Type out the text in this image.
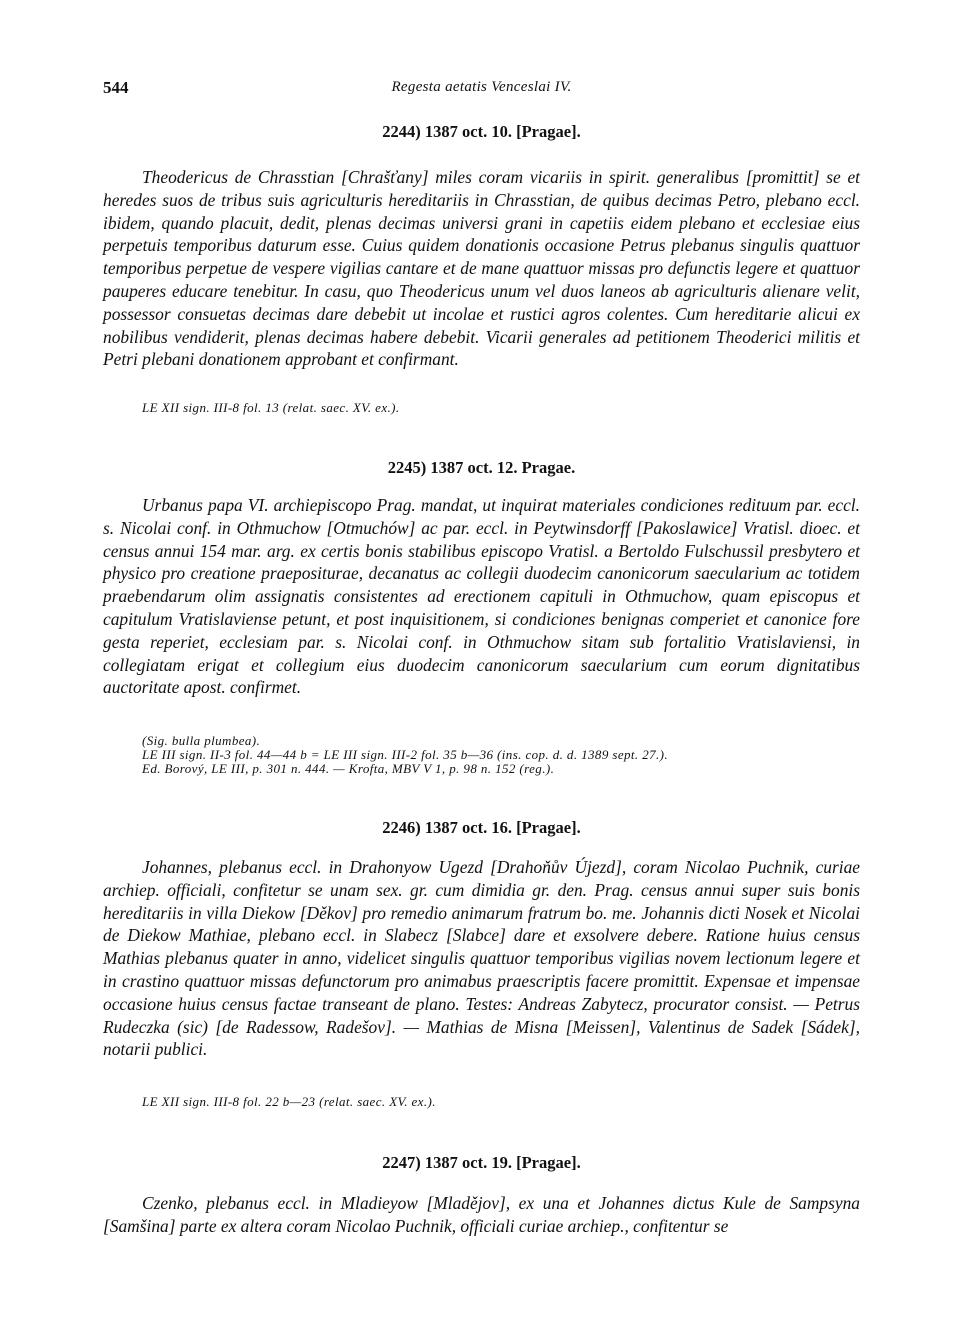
544	Regesta aetatis Venceslai IV.
2244) 1387 oct. 10. [Pragae].

Theodericus de Chrasstian [Chrašťany] miles coram vicariis in spirit. generalibus [promittit] se et heredes suos de tribus suis agriculturis hereditariis in Chrasstian, de quibus decimas Petro, plebano eccl. ibidem, quando placuit, dedit, plenas decimas universi grani in capetiis eidem plebano et ecclesiae eius perpetuis temporibus daturum esse. Cuius quidem donationis occasione Petrus plebanus singulis quattuor temporibus perpetue de vespere vigilias cantare et de mane quattuor missas pro defunctis legere et quattuor pauperes educare tenebitur. In casu, quo Theodericus unum vel duos laneos ab agriculturis alienare velit, possessor consuetas decimas dare debebit ut incolae et rustici agros colentes. Cum hereditarie alicui ex nobilibus vendiderit, plenas decimas habere debebit. Vicarii generales ad petitionem Theoderici militis et Petri plebani donationem approbant et confirmant.

LE XII sign. III-8 fol. 13 (relat. saec. XV. ex.).
2245) 1387 oct. 12. Pragae.

Urbanus papa VI. archiepiscopo Prag. mandat, ut inquirat materiales condiciones redituum par. eccl. s. Nicolai conf. in Othmuchow [Otmuchów] ac par. eccl. in Peytwinsdorff [Pakoslawice] Vratisl. dioec. et census annui 154 mar. arg. ex certis bonis stabilibus episcopo Vratisl. a Bertoldo Fulschussil presbytero et physico pro creatione praepositurae, decanatus ac collegii duodecim canonicorum saecularium ac totidem praebendarum olim assignatis consistentes ad erectionem capituli in Othmuchow, quam episcopus et capitulum Vratislaviense petunt, et post inquisitionem, si condiciones benignas comperiet et canonice fore gesta reperiet, ecclesiam par. s. Nicolai conf. in Othmuchow sitam sub fortalitio Vratislaviensi, in collegiatam erigat et collegium eius duodecim canonicorum saecularium cum eorum dignitatibus auctoritate apost. confirmet.

(Sig. bulla plumbea).
LE III sign. II-3 fol. 44—44 b = LE III sign. III-2 fol. 35 b—36 (ins. cop. d. d. 1389 sept. 27.).
Ed. Borový, LE III, p. 301 n. 444. — Krofta, MBV V 1, p. 98 n. 152 (reg.).
2246) 1387 oct. 16. [Pragae].

Johannes, plebanus eccl. in Drahonyow Ugezd [Drahoňův Újezd], coram Nicolao Puchnik, curiae archiep. officiali, confitetur se unam sex. gr. cum dimidia gr. den. Prag. census annui super suis bonis hereditariis in villa Diekow [Děkov] pro remedio animarum fratrum bo. me. Johannis dicti Nosek et Nicolai de Diekow Mathiae, plebano eccl. in Slabecz [Slabce] dare et exsolvere debere. Ratione huius census Mathias plebanus quater in anno, videlicet singulis quattuor temporibus vigilias novem lectionum legere et in crastino quattuor missas defunctorum pro animabus praescriptis facere promittit. Expensae et impensae occasione huius census factae transeant de plano. Testes: Andreas Zabytecz, procurator consist. — Petrus Rudeczka (sic) [de Radessow, Radešov]. — Mathias de Misna [Meissen], Valentinus de Sadek [Sádek], notarii publici.

LE XII sign. III-8 fol. 22 b—23 (relat. saec. XV. ex.).
2247) 1387 oct. 19. [Pragae].

Czenko, plebanus eccl. in Mladieyow [Mladějov], ex una et Johannes dictus Kule de Sampsyna [Samšina] parte ex altera coram Nicolao Puchnik, officiali curiae archiep., confitentur se
